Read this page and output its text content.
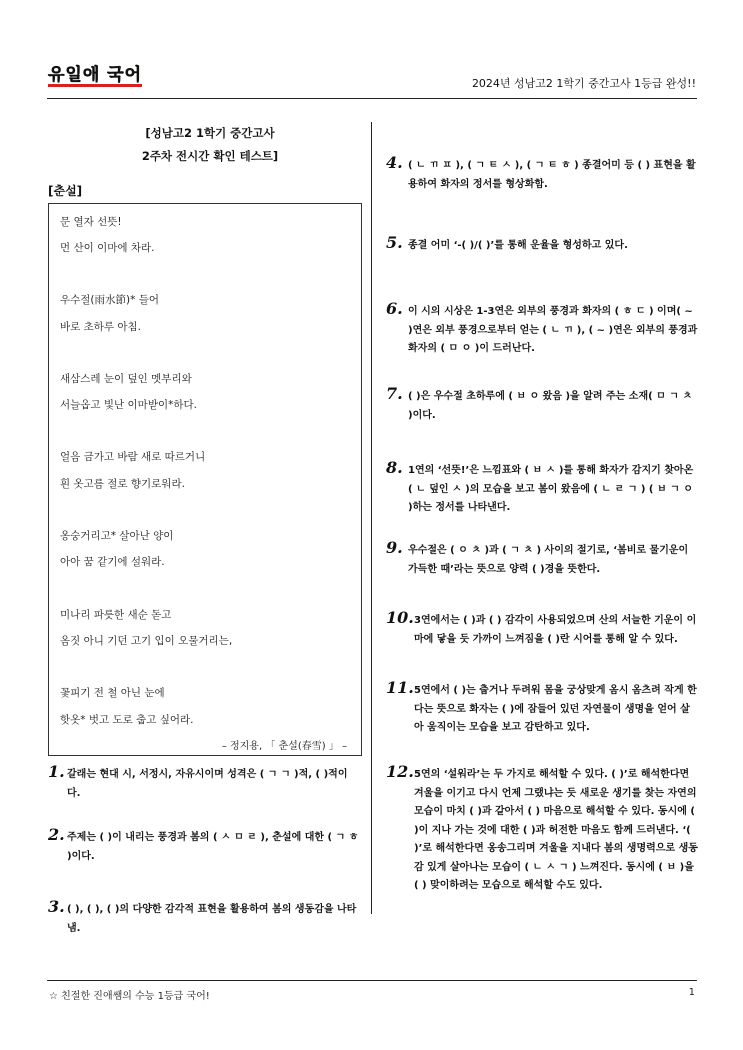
유일애 국어	2024년 성남고2 1학기 중간고사 1등급 완성!!
[성남고2 1학기 중간고사
2주차 전시간 확인 테스트]
[춘설]
문 열자 선뜻!
먼 산이 이마에 차라.
우수절(雨水節)* 들어
바로 초하루 아침.
새삼스레 눈이 덮인 멧부리와
서늘옵고 빛난 이마받이*하다.
얼음 금가고 바람 새로 따르거니
흰 옷고름 절로 향기로워라.
옹숭거리고* 살아난 양이
아아 꿈 같기에 설워라.
미나리 파릇한 새순 돋고
옴짓 아니 기던 고기 입이 오물거리는,
꽃피기 전 철 아닌 눈에
핫옷* 벗고 도로 춥고 싶어라.
– 정지용, 「 춘설(春雪) 」 –
1. 갈래는 현대 시, 서정시, 자유시이며 성격은 ( ㄱ ㄱ )적, ( )적이다.
2. 주제는 ( )이 내리는 풍경과 봄의 ( ㅅ ㅁ ㄹ ), 춘설에 대한 ( ㄱ ㅎ )이다.
3. ( ), ( ), ( )의 다양한 감각적 표현을 활용하여 봄의 생동감을 나타냄.
4. ( ㄴ ㄲ ㅍ ), ( ㄱ ㅌ ㅅ ), ( ㄱ ㅌ ㅎ ) 종결어미 등 ( ) 표현을 활용하여 화자의 정서를 형상화함.
5. 종결 어미 ‘-( )/( )’를 통해 운율을 형성하고 있다.
6. 이 시의 시상은 1-3연은 외부의 풍경과 화자의 ( ㅎ ㄷ ) 이며( ~ )연은 외부 풍경으로부터 얻는 ( ㄴ ㄲ ), ( ~ )연은 외부의 풍경과 화자의 ( ㅁ ㅇ )이 드러난다.
7. ( )은 우수절 초하루에 ( ㅂ ㅇ 왔음 )을 알려 주는 소재( ㅁ ㄱ ㅊ )이다.
8. 1연의 ‘선뜻!’은 느낌표와 ( ㅂ ㅅ )를 통해 화자가 감지기 찾아온 ( ㄴ 덮인 ㅅ )의 모습을 보고 봄이 왔음에 ( ㄴ ㄹ ㄱ ) ( ㅂ ㄱ ㅇ )하는 정서를 나타낸다.
9. 우수절은 ( ㅇ ㅊ )과 ( ㄱ ㅊ ) 사이의 절기로, ‘봄비로 물기운이 가득한 때’라는 뜻으로 양력 ( )경을 뜻한다.
10. 3연에서는 ( )과 ( ) 감각이 사용되었으며 산의 서늘한 기운이 이마에 닿을 듯 가까이 느껴짐을 ( )란 시어를 통해 알 수 있다.
11. 5연에서 ( )는 춥거나 두려워 몸을 궁상맞게 옴시 옴츠려 작게 한다는 뜻으로 화자는 ( )에 잠들어 있던 자연물이 생명을 얻어 살아 움직이는 모습을 보고 감탄하고 있다.
12. 5연의 ‘설워라’는 두 가지로 해석할 수 있다. ( )’로 해석한다면 겨울을 이기고 다시 언제 그랬냐는 듯 새로운 생기를 찾는 자연의 모습이 마치 ( )과 같아서 ( ) 마음으로 해석할 수 있다. 동시에 ( )이 지나 가는 것에 대한 ( )과 허전한 마음도 함께 드러낸다. ‘( )’로 해석한다면 옹송그리며 겨울을 지내다 봄의 생명력으로 생동감 있게 살아나는 모습이 ( ㄴ ㅅ ㄱ ) 느껴진다. 동시에 ( ㅂ )을 ( ) 맞이하려는 모습으로 해석할 수도 있다.
☆ 친절한 진애쌤의 수능 1등급 국어!	1
